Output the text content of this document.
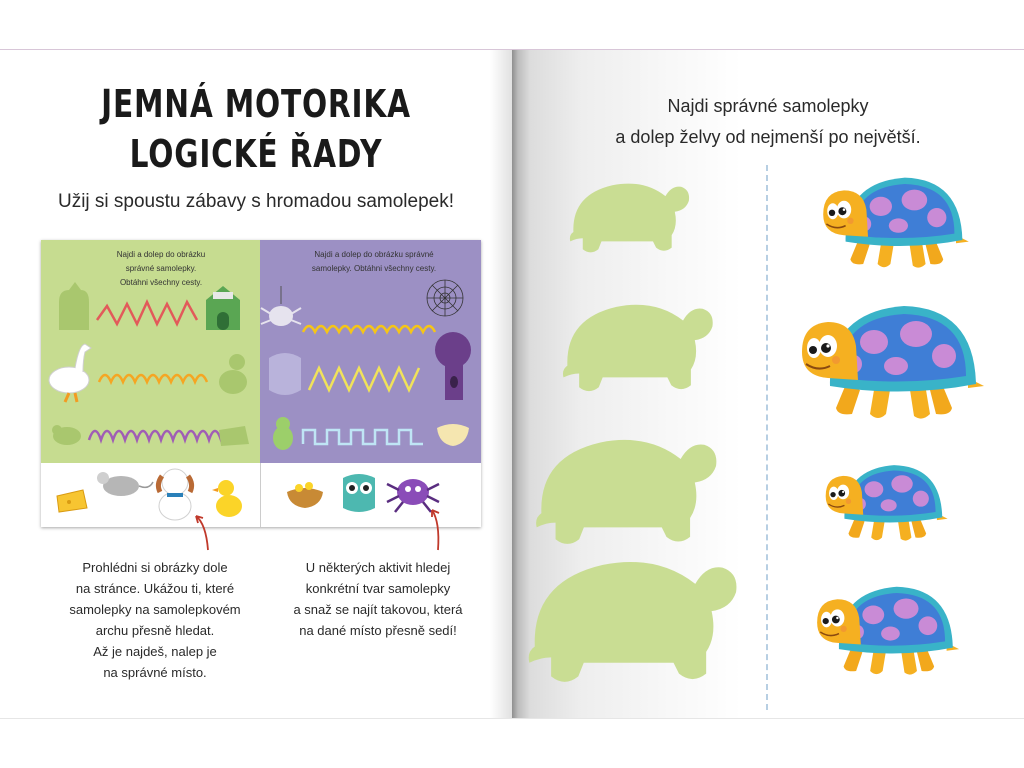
JEMNÁ MOTORIKA
LOGICKÉ ŘADY
Užij si spoustu zábavy s hromadou samolepek!
Najdi a dolep do obrázku
správné samolepky.
Obtáhni všechny cesty.
Najdi a dolep do obrázku správné
samolepky. Obtáhni všechny cesty.
Prohlédni si obrázky dole
na stránce. Ukážou ti, které
samolepky na samolepkovém
archu přesně hledat.
Až je najdeš, nalep je
na správné místo.
U některých aktivit hledej
konkrétní tvar samolepky
a snaž se najít takovou, která
na dané místo přesně sedí!
Najdi správné samolepky
a dolep želvy od nejmenší po největší.
